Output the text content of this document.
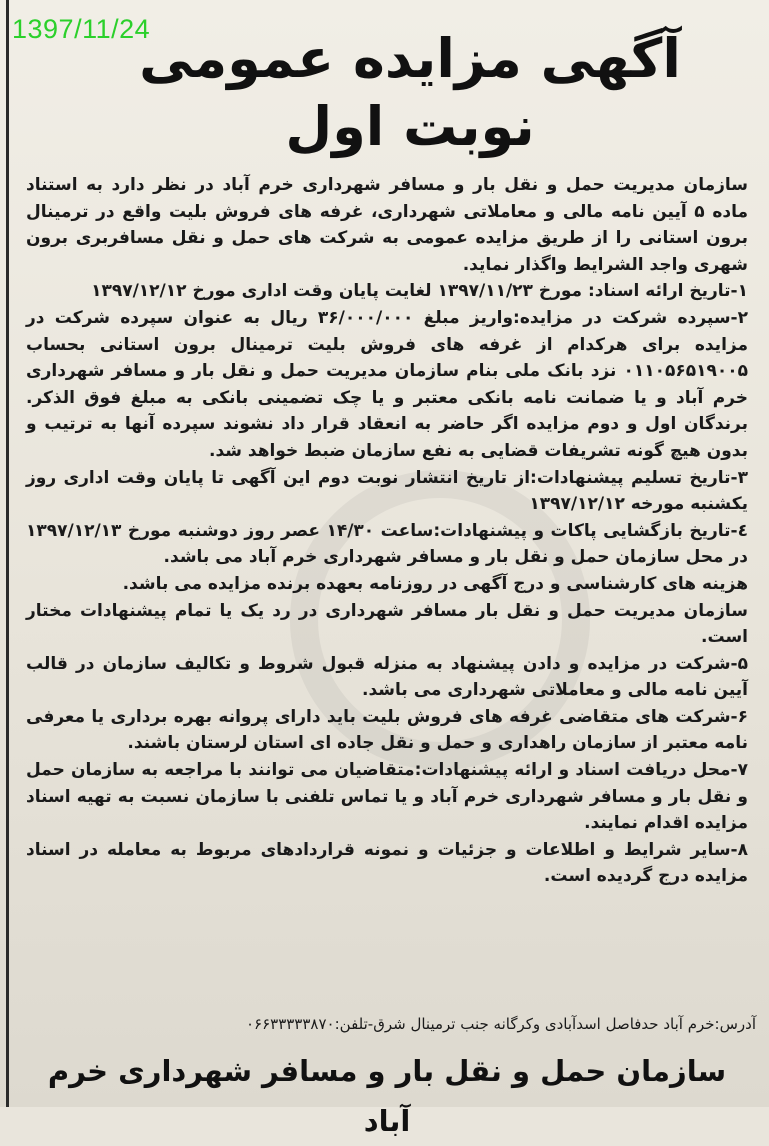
1397/11/24
آگهی مزایده عمومی
نوبت اول

سازمان مدیریت حمل و نقل بار و مسافر شهرداری خرم آباد در نظر دارد به استناد ماده ۵ آیین نامه مالی و معاملاتی شهرداری، غرفه های فروش بلیت واقع در ترمینال برون استانی را از طریق مزایده عمومی به شرکت های حمل و نقل مسافربری برون شهری واجد الشرایط واگذار نماید.

۱-تاریخ ارائه اسناد: مورخ ۱۳۹۷/۱۱/۲۳ لغایت پایان وقت اداری مورخ ۱۳۹۷/۱۲/۱۲

۲-سپرده شرکت در مزایده:واریز مبلغ ۳۶/۰۰۰/۰۰۰ ریال به عنوان سپرده شرکت در مزایده برای هرکدام از غرفه های فروش بلیت ترمینال برون استانی بحساب ۰۱۱۰۵۶۵۱۹۰۰۵ نزد بانک ملی بنام سازمان مدیریت حمل و نقل بار و مسافر شهرداری خرم آباد و یا ضمانت نامه بانکی معتبر و یا چک تضمینی بانکی به مبلغ فوق الذکر. برندگان اول و دوم مزایده اگر حاضر به انعقاد قرار داد نشوند سپرده آنها به ترتیب و بدون هیچ گونه تشریفات قضایی به نفع سازمان ضبط خواهد شد.

۳-تاریخ تسلیم پیشنهادات:از تاریخ انتشار نوبت دوم این آگهی تا پایان وقت اداری روز یکشنبه مورخه ۱۳۹۷/۱۲/۱۲

٤-تاریخ بازگشایی پاکات و پیشنهادات:ساعت ۱۴/۳۰ عصر روز دوشنبه مورخ ۱۳۹۷/۱۲/۱۳ در محل سازمان حمل و نقل بار و مسافر شهرداری خرم آباد می باشد.

هزینه های کارشناسی و درج آگهی در روزنامه بعهده برنده مزایده می باشد.

سازمان مدیریت حمل و نقل بار مسافر شهرداری در رد یک یا تمام پیشنهادات مختار است.

۵-شرکت در مزایده و دادن پیشنهاد به منزله قبول شروط و تکالیف سازمان در قالب آیین نامه مالی و معاملاتی شهرداری می باشد.

۶-شرکت های متقاضی غرفه های فروش بلیت باید دارای پروانه بهره برداری یا معرفی نامه معتبر از سازمان راهداری و حمل و نقل جاده ای استان لرستان باشند.

۷-محل دریافت اسناد و ارائه پیشنهادات:متقاضیان می توانند با مراجعه به سازمان حمل و نقل بار و مسافر شهرداری خرم آباد و یا تماس تلفنی با سازمان نسبت به تهیه اسناد مزایده اقدام نمایند.

۸-سایر شرایط و اطلاعات و جزئیات و نمونه قراردادهای مربوط به معامله در اسناد مزایده درج گردیده است.

آدرس:خرم آباد حدفاصل اسدآبادی وکرگانه جنب ترمینال شرق-تلفن:۰۶۶۳۳۳۳۳۸۷۰
سازمان حمل و نقل بار و مسافر شهرداری خرم آباد
